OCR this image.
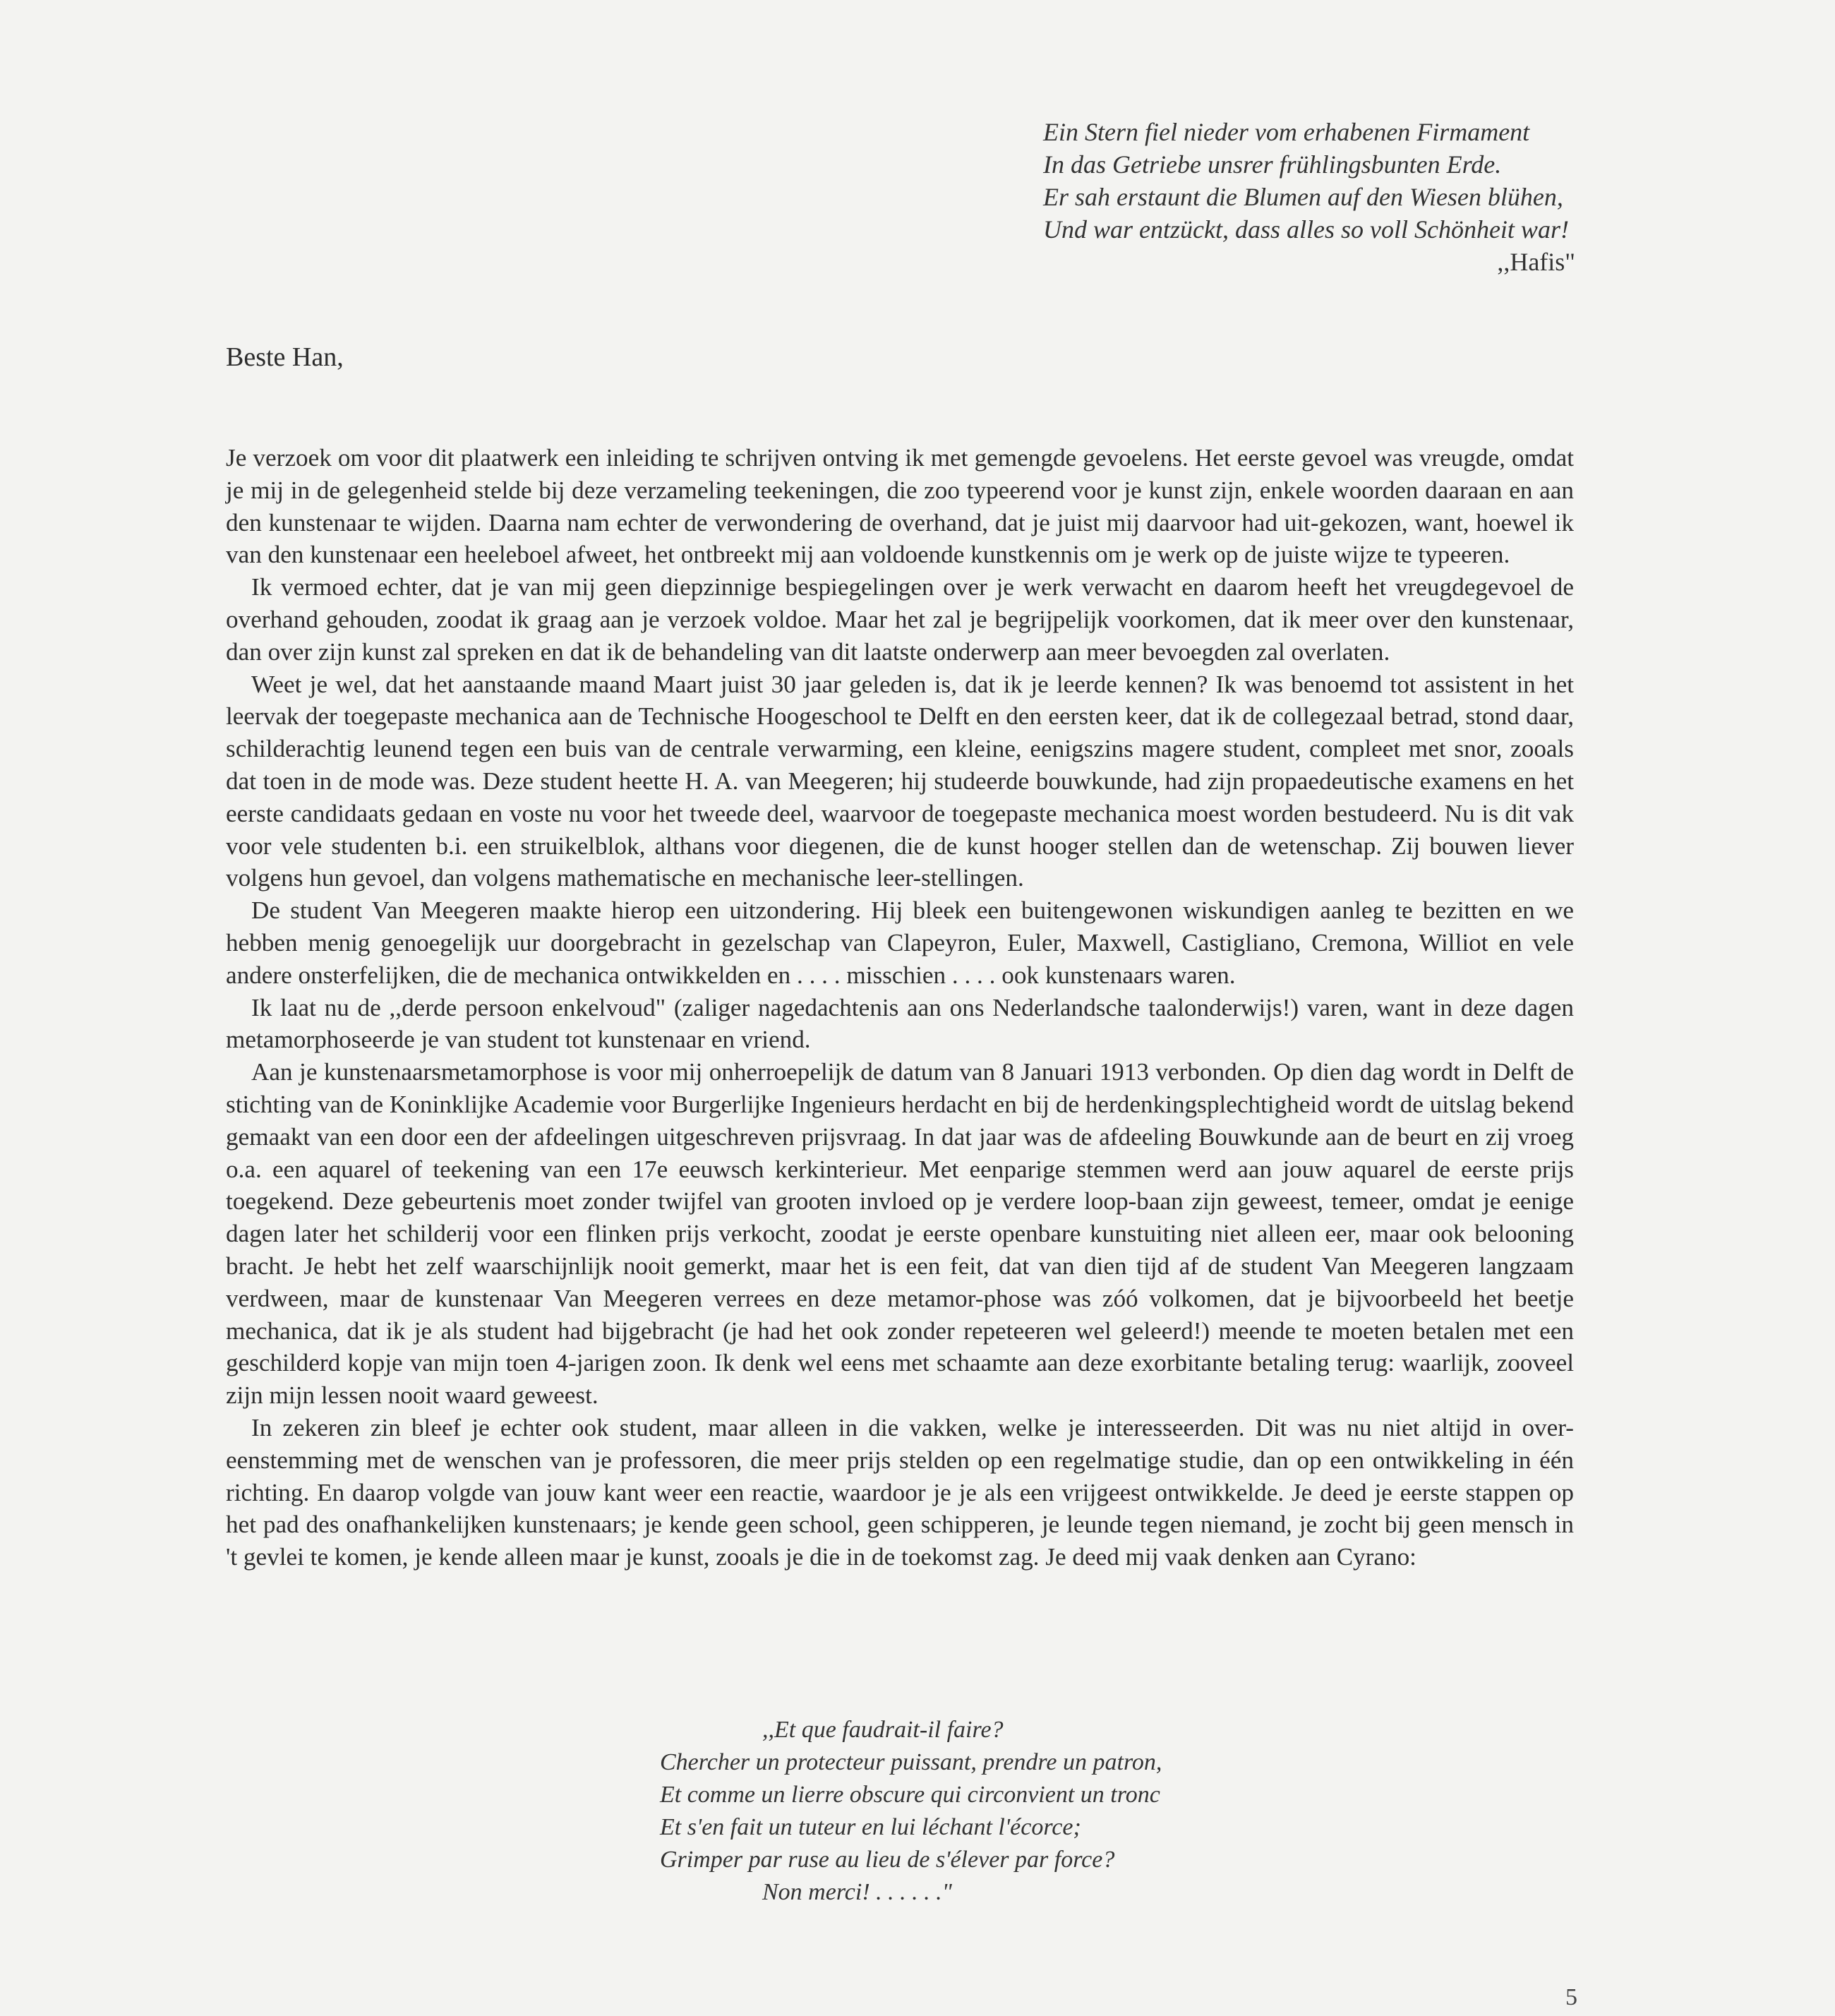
Ein Stern fiel nieder vom erhabenen Firmament
In das Getriebe unsrer frühlingsbunten Erde.
Er sah erstaunt die Blumen auf den Wiesen blühen,
Und war entzückt, dass alles so voll Schönheit war!
,,Hafis"
Beste Han,

Je verzoek om voor dit plaatwerk een inleiding te schrijven ontving ik met gemengde gevoelens. Het eerste gevoel was vreugde, omdat je mij in de gelegenheid stelde bij deze verzameling teekeningen, die zoo typeerend voor je kunst zijn, enkele woorden daaraan en aan den kunstenaar te wijden. Daarna nam echter de verwondering de overhand, dat je juist mij daarvoor had uit-gekozen, want, hoewel ik van den kunstenaar een heeleboel afweet, het ontbreekt mij aan voldoende kunstkennis om je werk op de juiste wijze te typeeren.

Ik vermoed echter, dat je van mij geen diepzinnige bespiegelingen over je werk verwacht en daarom heeft het vreugdegevoel de overhand gehouden, zoodat ik graag aan je verzoek voldoe. Maar het zal je begrijpelijk voorkomen, dat ik meer over den kunstenaar, dan over zijn kunst zal spreken en dat ik de behandeling van dit laatste onderwerp aan meer bevoegden zal overlaten.

Weet je wel, dat het aanstaande maand Maart juist 30 jaar geleden is, dat ik je leerde kennen? Ik was benoemd tot assistent in het leervak der toegepaste mechanica aan de Technische Hoogeschool te Delft en den eersten keer, dat ik de collegezaal betrad, stond daar, schilderachtig leunend tegen een buis van de centrale verwarming, een kleine, eenigszins magere student, compleet met snor, zooals dat toen in de mode was. Deze student heette H. A. van Meegeren; hij studeerde bouwkunde, had zijn propaedeutische examens en het eerste candidaats gedaan en voste nu voor het tweede deel, waarvoor de toegepaste mechanica moest worden bestudeerd. Nu is dit vak voor vele studenten b.i. een struikelblok, althans voor diegenen, die de kunst hooger stellen dan de wetenschap. Zij bouwen liever volgens hun gevoel, dan volgens mathematische en mechanische leer-stellingen.

De student Van Meegeren maakte hierop een uitzondering. Hij bleek een buitengewonen wiskundigen aanleg te bezitten en we hebben menig genoegelijk uur doorgebracht in gezelschap van Clapeyron, Euler, Maxwell, Castigliano, Cremona, Williot en vele andere onsterfelijken, die de mechanica ontwikkelden en . . . . misschien . . . . ook kunstenaars waren.

Ik laat nu de ,,derde persoon enkelvoud" (zaliger nagedachtenis aan ons Nederlandsche taalonderwijs!) varen, want in deze dagen metamorphoseerde je van student tot kunstenaar en vriend.

Aan je kunstenaarsmetamorphose is voor mij onherroepelijk de datum van 8 Januari 1913 verbonden. Op dien dag wordt in Delft de stichting van de Koninklijke Academie voor Burgerlijke Ingenieurs herdacht en bij de herdenkingsplechtigheid wordt de uitslag bekend gemaakt van een door een der afdeelingen uitgeschreven prijsvraag. In dat jaar was de afdeeling Bouwkunde aan de beurt en zij vroeg o.a. een aquarel of teekening van een 17e eeuwsch kerkinterieur. Met eenparige stemmen werd aan jouw aquarel de eerste prijs toegekend. Deze gebeurtenis moet zonder twijfel van grooten invloed op je verdere loop-baan zijn geweest, temeer, omdat je eenige dagen later het schilderij voor een flinken prijs verkocht, zoodat je eerste openbare kunstuiting niet alleen eer, maar ook belooning bracht. Je hebt het zelf waarschijnlijk nooit gemerkt, maar het is een feit, dat van dien tijd af de student Van Meegeren langzaam verdween, maar de kunstenaar Van Meegeren verrees en deze metamor-phose was zóó volkomen, dat je bijvoorbeeld het beetje mechanica, dat ik je als student had bijgebracht (je had het ook zonder repeteeren wel geleerd!) meende te moeten betalen met een geschilderd kopje van mijn toen 4-jarigen zoon. Ik denk wel eens met schaamte aan deze exorbitante betaling terug: waarlijk, zooveel zijn mijn lessen nooit waard geweest.

In zekeren zin bleef je echter ook student, maar alleen in die vakken, welke je interesseerden. Dit was nu niet altijd in over-eenstemming met de wenschen van je professoren, die meer prijs stelden op een regelmatige studie, dan op een ontwikkeling in één richting. En daarop volgde van jouw kant weer een reactie, waardoor je je als een vrijgeest ontwikkelde. Je deed je eerste stappen op het pad des onafhankelijken kunstenaars; je kende geen school, geen schipperen, je leunde tegen niemand, je zocht bij geen mensch in 't gevlei te komen, je kende alleen maar je kunst, zooals je die in de toekomst zag. Je deed mij vaak denken aan Cyrano:

,,Et que faudrait-il faire?
Chercher un protecteur puissant, prendre un patron,
Et comme un lierre obscure qui circonvient un tronc
Et s'en fait un tuteur en lui léchant l'écorce;
Grimper par ruse au lieu de s'élever par force?
Non merci! . . . . . ."
5
